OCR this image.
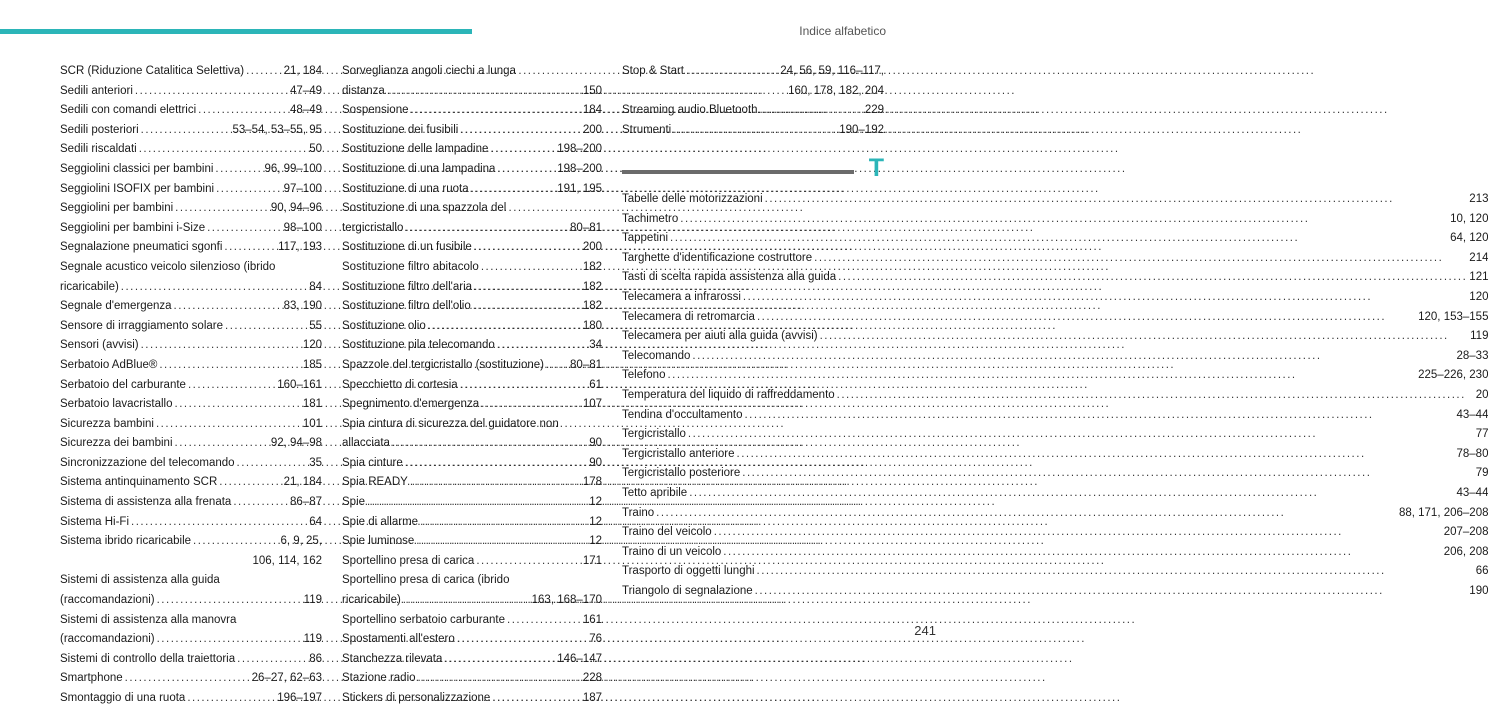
Indice alfabetico
SCR (Riduzione Catalitica Selettiva) .....	21, 184
Sedili anteriori .....	47–49
Sedili con comandi elettrici .....	48–49
Sedili posteriori .....	53–54, 53–55, 95
Sedili riscaldati .....	50
Seggiolini classici per bambini .....	96, 99–100
Seggiolini ISOFIX per bambini .....	97–100
Seggiolini per bambini .....	90, 94–96
Seggiolini per bambini i-Size .....	98–100
Segnalazione pneumatici sgonfi .....	117, 193
Segnale acustico veicolo silenzioso (ibrido
ricaricabile) .....	84
Segnale d'emergenza .....	83, 190
Sensore di irraggiamento solare .....	55
Sensori (avvisi) .....	120
Serbatoio AdBlue® .....	185
Serbatoio del carburante .....	160–161
Serbatoio lavacristallo .....	181
Sicurezza bambini .....	101
Sicurezza dei bambini .....	92, 94–98
Sincronizzazione del telecomando .....	35
Sistema antinquinamento SCR .....	21, 184
Sistema di assistenza alla frenata .....	86–87
Sistema Hi-Fi .....	64
Sistema ibrido ricaricabile .....	6, 9, 25,
106, 114, 162
Sistemi di assistenza alla guida
(raccomandazioni) .....	119
Sistemi di assistenza alla manovra
(raccomandazioni) .....	119
Sistemi di controllo della traiettoria .....	86
Smartphone .....	26–27, 62–63
Smontaggio di una ruota .....	196–197
Sorveglianza angoli ciechi a lunga
distanza .....	150
Sospensione .....	184
Sostituzione dei fusibili .....	200
Sostituzione delle lampadine .....	198–200
Sostituzione di una lampadina .....	198–200
Sostituzione di una ruota .....	191, 195
Sostituzione di una spazzola del
tergicristallo .....	80–81
Sostituzione di un fusibile .....	200
Sostituzione filtro abitacolo .....	182
Sostituzione filtro dell'aria .....	182
Sostituzione filtro dell'olio .....	182
Sostituzione olio .....	180
Sostituzione pila telecomando .....	34
Spazzole del tergicristallo (sostituzione) ..... 80–81
Specchietto di cortesia .....	61
Spegnimento d'emergenza .....	107
Spia cintura di sicurezza del guidatore non
allacciata .....	90
Spia cinture .....	90
Spia READY .....	178
Spie .....	12
Spie di allarme .....	12
Spie luminose .....	12
Sportellino presa di carica .....	171
Sportellino presa di carica (ibrido
ricaricabile) .....	163, 168–170
Sportellino serbatoio carburante .....	161
Spostamenti all'estero .....	76
Stanchezza rilevata .....	146–147
Stazione radio .....	228
Stickers di personalizzazione .....	187
Stop & Start .....	24, 56, 59, 116–117,
160, 178, 182, 204
Streaming audio Bluetooth .....	229
Strumenti .....	190–192
T
Tabelle delle motorizzazioni .....	213
Tachimetro .....	10, 120
Tappetini .....	64, 120
Targhette d'identificazione costruttore .....	214
Tasti di scelta rapida assistenza alla guida .....	121
Telecamera a infrarossi .....	120
Telecamera di retromarcia .....	120, 153–155
Telecamera per aiuti alla guida (avvisi) .....	119
Telecomando .....	28–33
Telefono .....	225–226, 230
Temperatura del liquido di raffreddamento .....	20
Tendina d'occultamento .....	43–44
Tergicristallo .....	77
Tergicristallo anteriore .....	78–80
Tergicristallo posteriore .....	79
Tetto apribile .....	43–44
Traino .....	88, 171, 206–208
Traino del veicolo .....	207–208
Traino di un veicolo .....	206, 208
Trasporto di oggetti lunghi .....	66
Triangolo di segnalazione .....	190
241
